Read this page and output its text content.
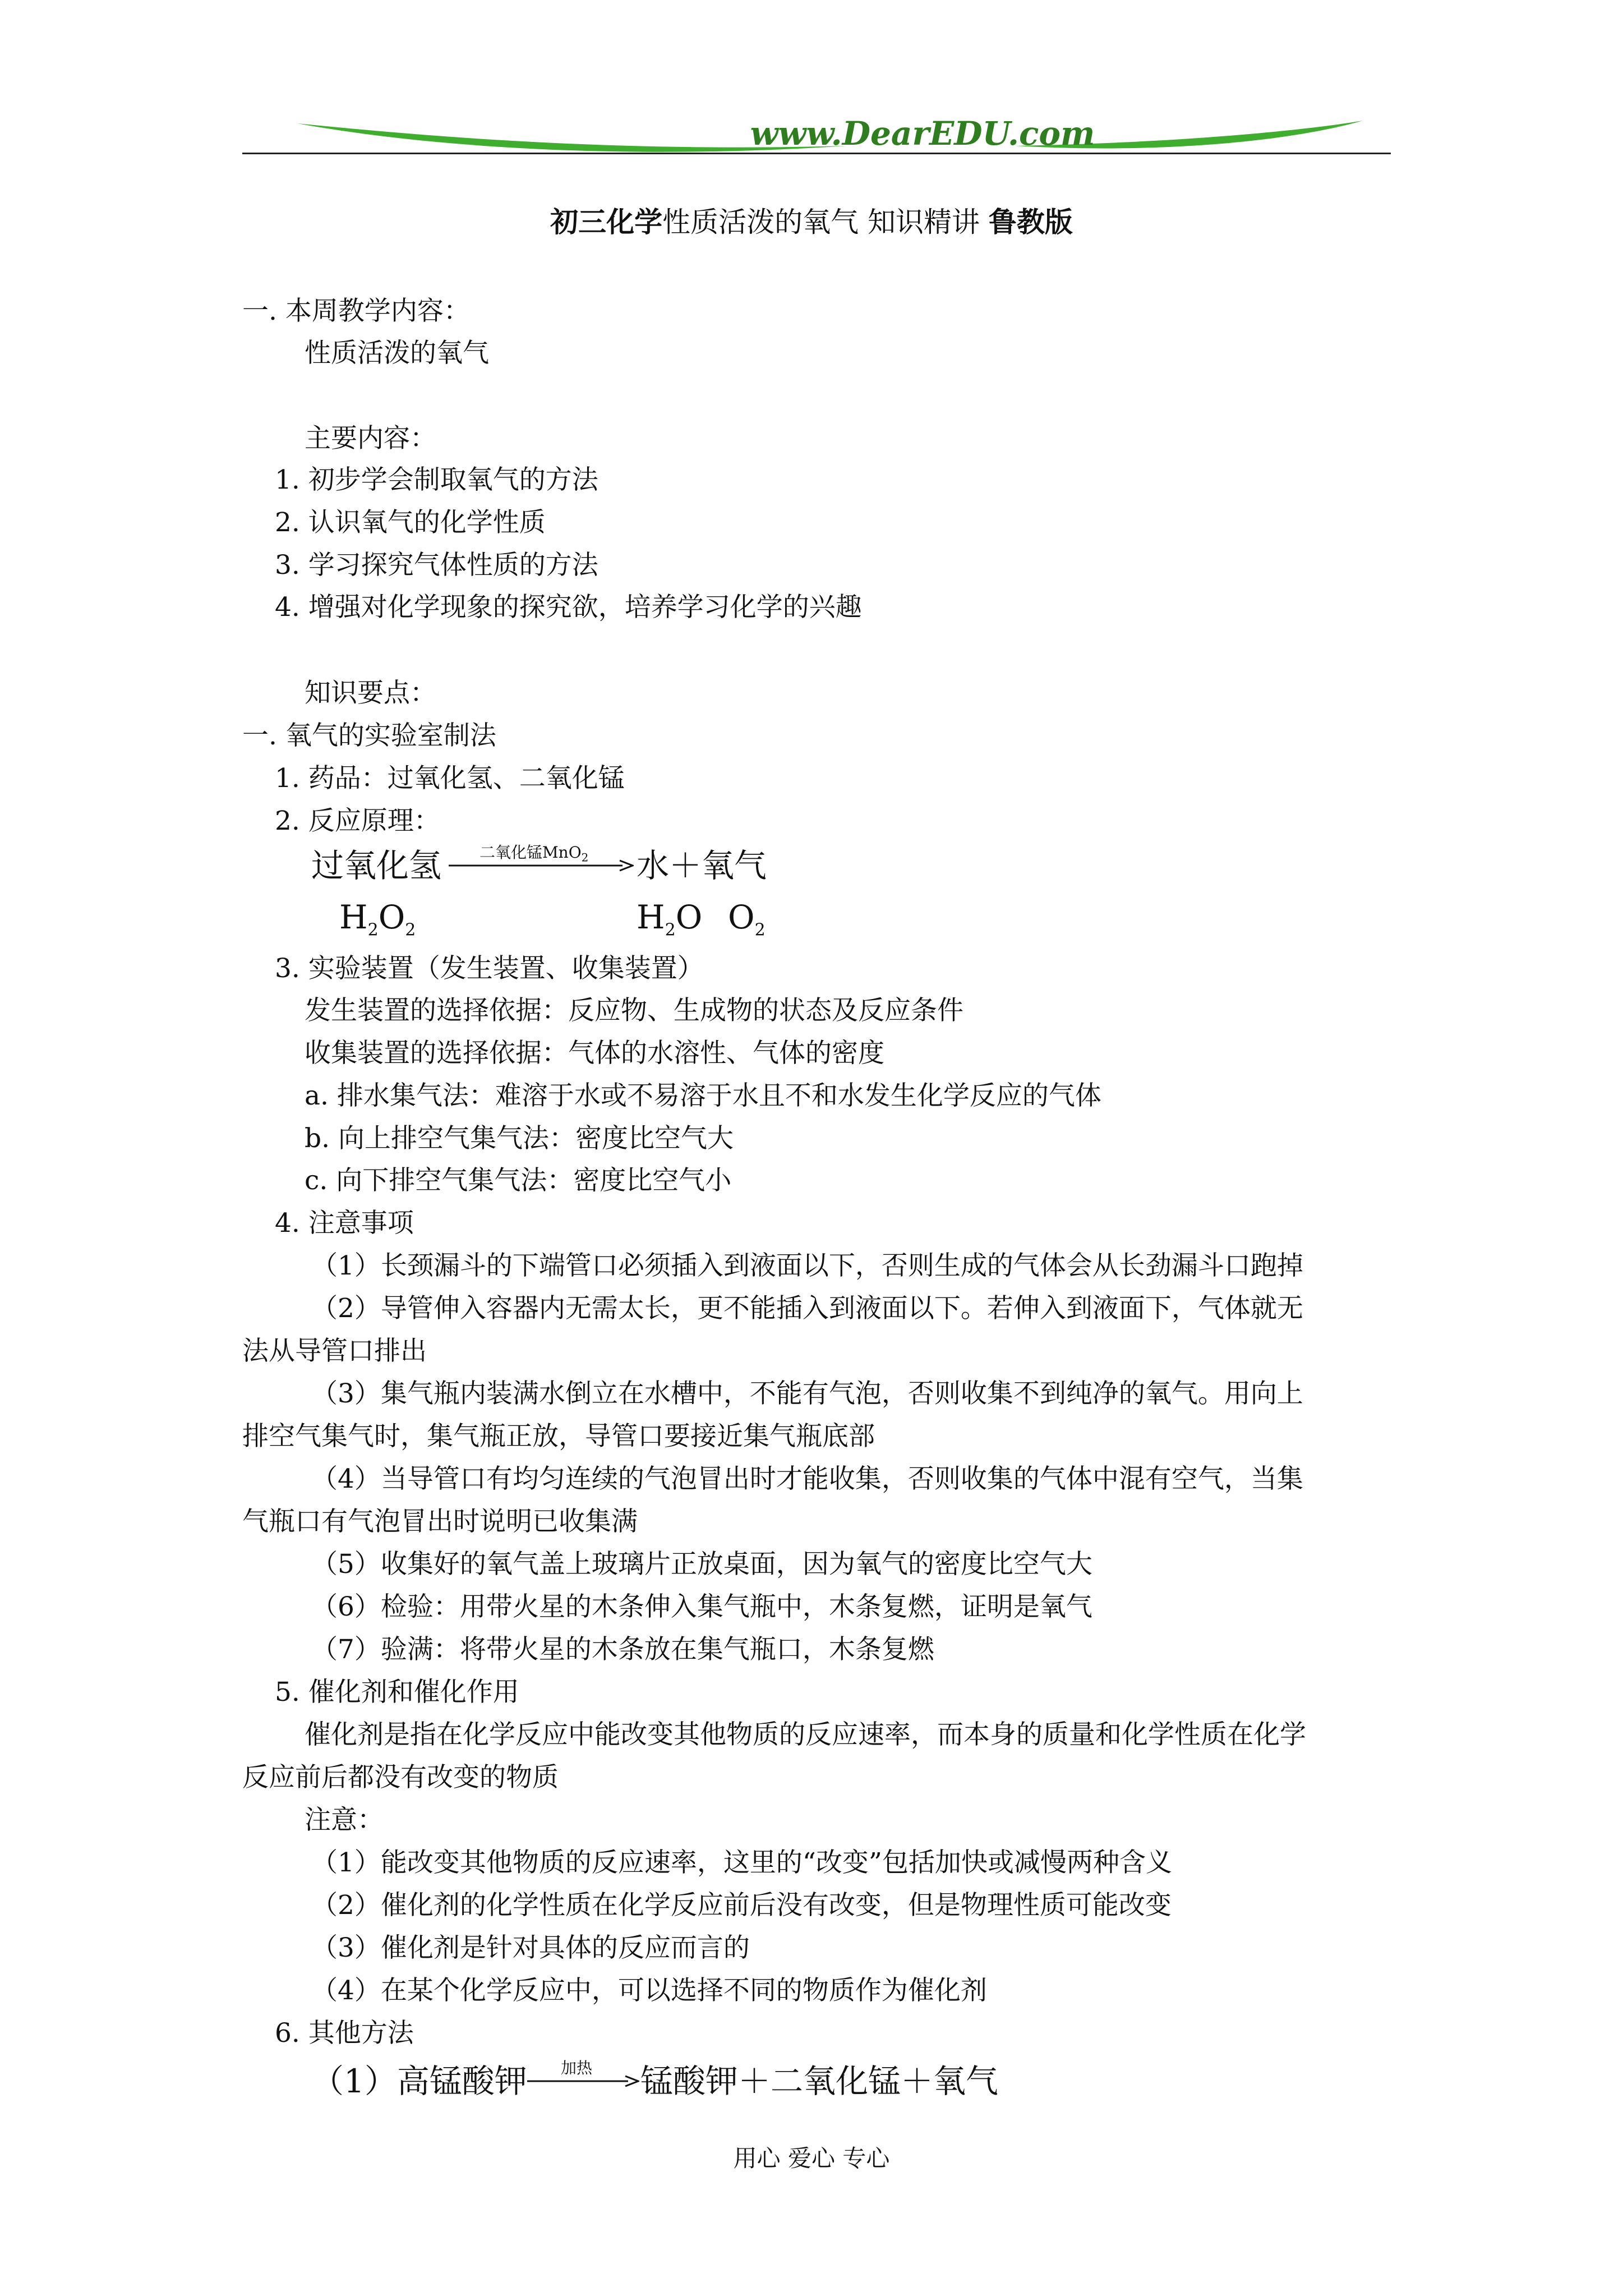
www.DearEDU.com
初三化学性质活泼的氧气 知识精讲 鲁教版
一. 本周教学内容：
性质活泼的氧气
主要内容：
1. 初步学会制取氧气的方法
2. 认识氧气的化学性质
3. 学习探究气体性质的方法
4. 增强对化学现象的探究欲，培养学习化学的兴趣
知识要点：
一. 氧气的实验室制法
1. 药品：过氧化氢、二氧化锰
2. 反应原理：
过氧化氢 二氧化锰MnO$_2$ 水＋氧气
$H_2O_2$	$H_2O$ $O_2$
3. 实验装置（发生装置、收集装置）
发生装置的选择依据：反应物、生成物的状态及反应条件
收集装置的选择依据：气体的水溶性、气体的密度
a. 排水集气法：难溶于水或不易溶于水且不和水发生化学反应的气体
b. 向上排空气集气法：密度比空气大
c. 向下排空气集气法：密度比空气小
4. 注意事项
（1）长颈漏斗的下端管口必须插入到液面以下，否则生成的气体会从长劲漏斗口跑掉
（2）导管伸入容器内无需太长，更不能插入到液面以下。若伸入到液面下，气体就无
法从导管口排出
（3）集气瓶内装满水倒立在水槽中，不能有气泡，否则收集不到纯净的氧气。用向上
排空气集气时，集气瓶正放，导管口要接近集气瓶底部
（4）当导管口有均匀连续的气泡冒出时才能收集，否则收集的气体中混有空气，当集
气瓶口有气泡冒出时说明已收集满
（5）收集好的氧气盖上玻璃片正放桌面，因为氧气的密度比空气大
（6）检验：用带火星的木条伸入集气瓶中，木条复燃，证明是氧气
（7）验满：将带火星的木条放在集气瓶口，木条复燃
5. 催化剂和催化作用
催化剂是指在化学反应中能改变其他物质的反应速率，而本身的质量和化学性质在化学
反应前后都没有改变的物质
注意：
（1）能改变其他物质的反应速率，这里的“改变”包括加快或减慢两种含义
（2）催化剂的化学性质在化学反应前后没有改变，但是物理性质可能改变
（3）催化剂是针对具体的反应而言的
（4）在某个化学反应中，可以选择不同的物质作为催化剂
6. 其他方法
（1）高锰酸钾 加热 锰酸钾＋二氧化锰＋氧气
用心 爱心 专心
